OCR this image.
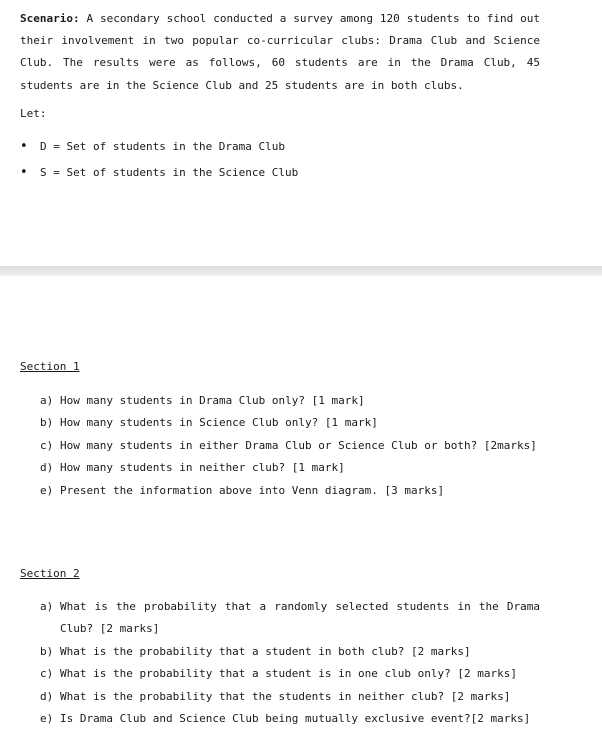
Scenario: A secondary school conducted a survey among 120 students to find out their involvement in two popular co-curricular clubs: Drama Club and Science Club. The results were as follows, 60 students are in the Drama Club, 45 students are in the Science Club and 25 students are in both clubs.
Let:
• D = Set of students in the Drama Club
• S = Set of students in the Science Club
Section 1
a) How many students in Drama Club only? [1 mark]
b) How many students in Science Club only? [1 mark]
c) How many students in either Drama Club or Science Club or both? [2marks]
d) How many students in neither club? [1 mark]
e) Present the information above into Venn diagram. [3 marks]
Section 2
a) What is the probability that a randomly selected students in the Drama Club? [2 marks]
b) What is the probability that a student in both club? [2 marks]
c) What is the probability that a student is in one club only? [2 marks]
d) What is the probability that the students in neither club? [2 marks]
e) Is Drama Club and Science Club being mutually exclusive event?[2 marks]
